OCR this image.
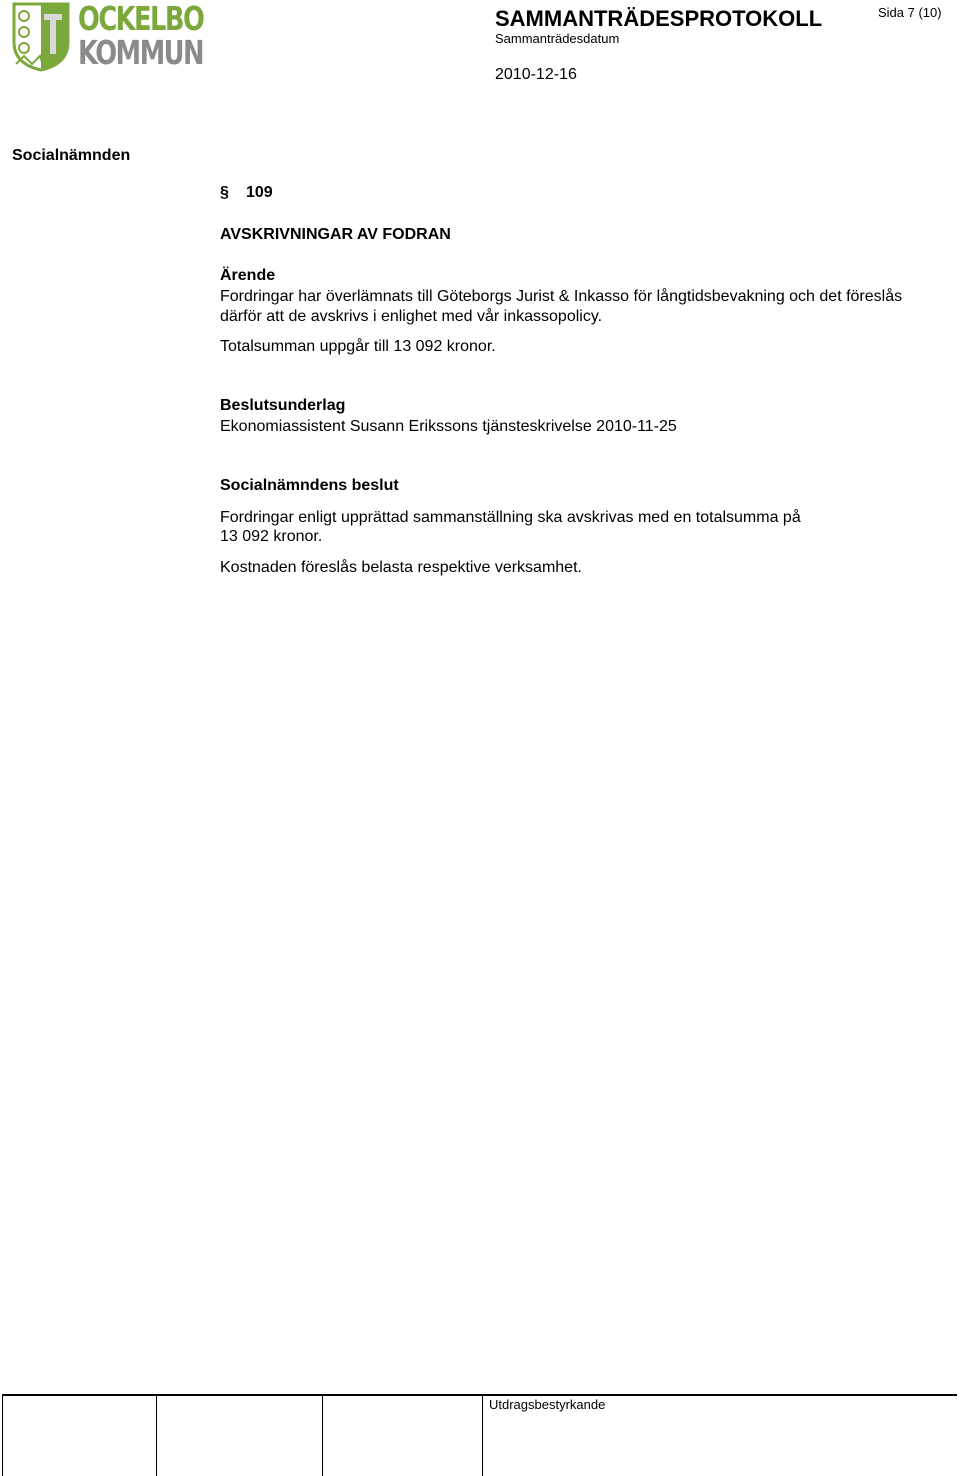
OCKELBO
KOMMUN
SAMMANTRÄDESPROTOKOLL
Sammanträdesdatum
Sida 7 (10)
2010-12-16
Socialnämnden
§ 109
AVSKRIVNINGAR AV FODRAN
Ärende
Fordringar har överlämnats till Göteborgs Jurist & Inkasso för långtidsbevakning och det föreslås
därför att de avskrivs i enlighet med vår inkassopolicy.
Totalsumman uppgår till 13 092 kronor.
Beslutsunderlag
Ekonomiassistent Susann Erikssons tjänsteskrivelse 2010-11-25
Socialnämndens beslut
Fordringar enligt upprättad sammanställning ska avskrivas med en totalsumma på
13 092 kronor.
Kostnaden föreslås belasta respektive verksamhet.
Utdragsbestyrkande
